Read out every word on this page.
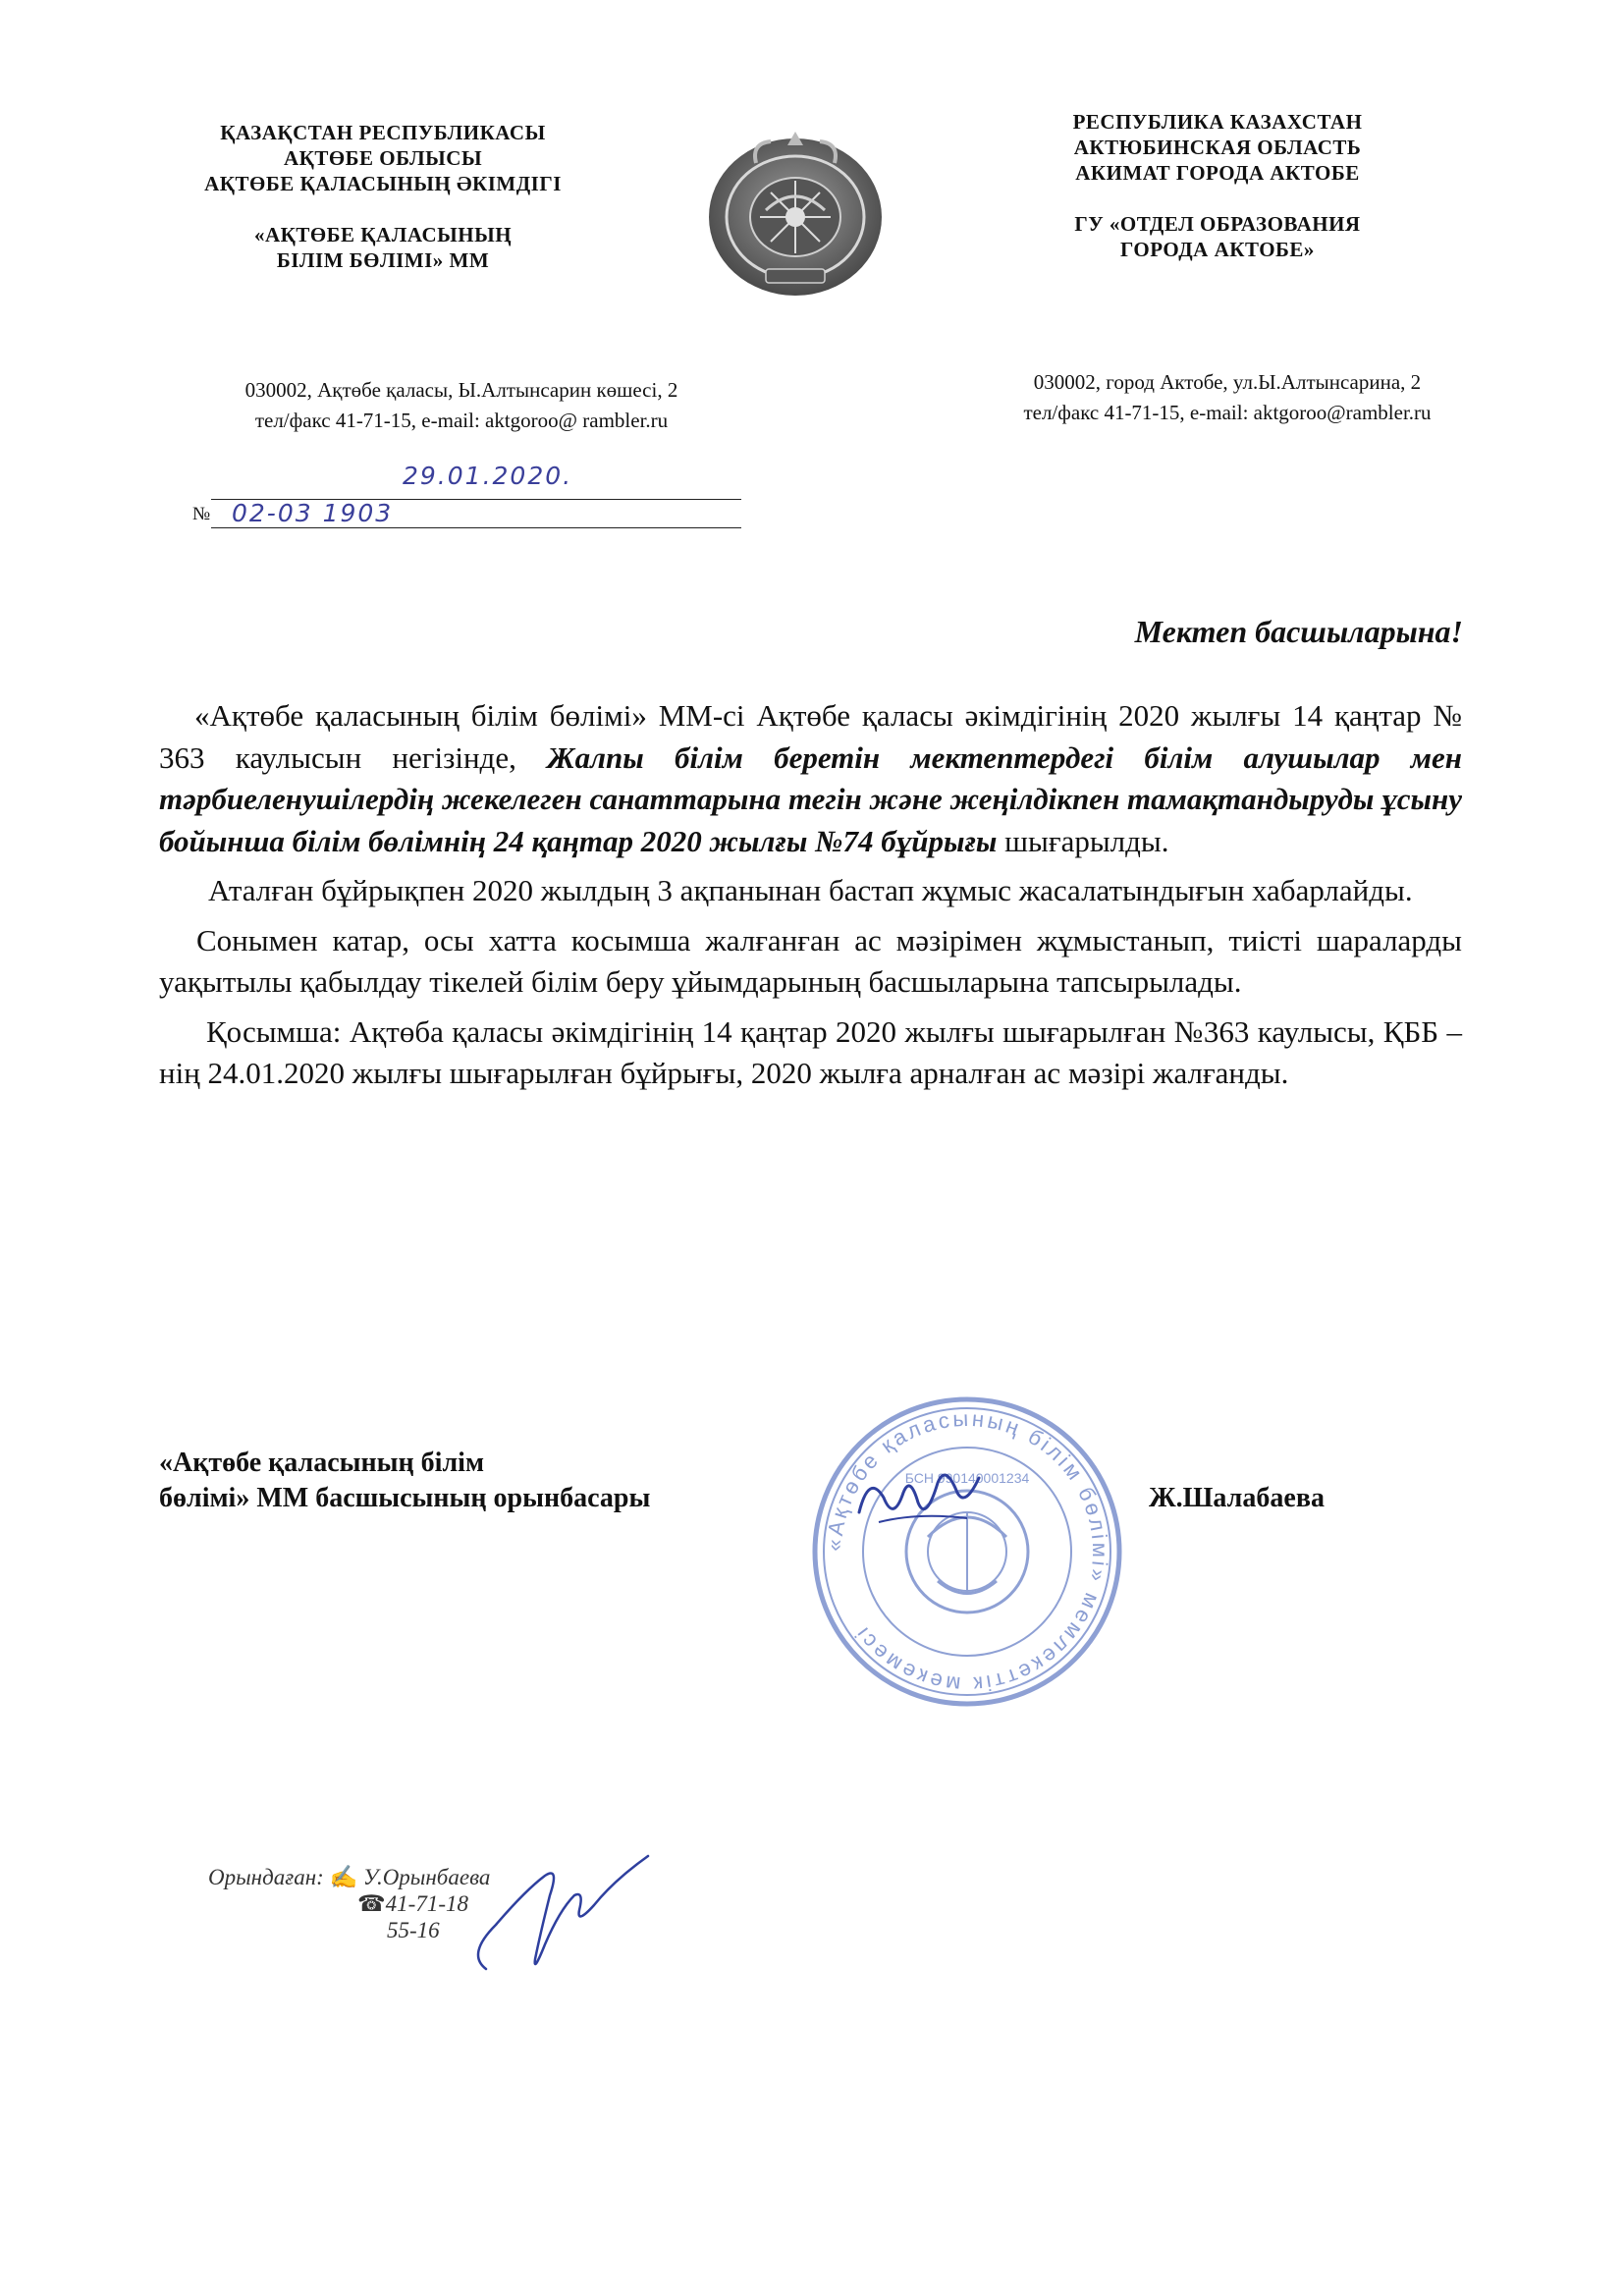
ҚАЗАҚСТАН РЕСПУБЛИКАСЫ
АҚТӨБЕ ОБЛЫСЫ
АҚТӨБЕ ҚАЛАСЫНЫҢ ӘКІМДІГІ
«АҚТӨБЕ ҚАЛАСЫНЫҢ
БІЛІМ БӨЛІМІ» ММ
РЕСПУБЛИКА КАЗАХСТАН
АКТЮБИНСКАЯ ОБЛАСТЬ
АКИМАТ ГОРОДА АКТОБЕ
ГУ «ОТДЕЛ ОБРАЗОВАНИЯ
ГОРОДА АКТОБЕ»
030002, Ақтөбе қаласы, Ы.Алтынсарин көшесі, 2
тел/факс 41-71-15, e-mail: aktgoroo@ rambler.ru
030002, город Актобе, ул.Ы.Алтынсарина, 2
тел/факс 41-71-15, e-mail: aktgoroo@rambler.ru
29.01.2020.
№ 02-03 1903
Мектеп басшыларына!

«Ақтөбе қаласының білім бөлімі» ММ-сі Ақтөбе қаласы әкімдігінің 2020 жылғы 14 қаңтар № 363 каулысын негізінде, Жалпы білім беретін мектептердегі білім алушылар мен тәрбиеленушілердің жекелеген санаттарына тегін және жеңілдікпен тамақтандыруды ұсыну бойынша білім бөлімнің 24 қаңтар 2020 жылғы №74 бұйрығы шығарылды.

Аталған бұйрықпен 2020 жылдың 3 ақпанынан бастап жұмыс жасалатындығын хабарлайды.

Сонымен катар, осы хатта косымша жалғанған ас мәзірімен жұмыстанып, тиісті шараларды уақытылы қабылдау тікелей білім беру ұйымдарының басшыларына тапсырылады.

Қосымша: Ақтөба қаласы әкімдігінің 14 қаңтар 2020 жылғы шығарылған №363 каулысы, ҚББ –нің 24.01.2020 жылғы шығарылған бұйрығы, 2020 жылға арналған ас мәзірі жалғанды.

«Ақтөбе қаласының білім бөлімі» мемлекеттік мекемесі
БСН 990140001234
«Ақтөбе қаласының білім
бөлімі» ММ басшысының орынбасары	Ж.Шалабаева
Орындаған: ✍ У.Орынбаева
☎41-71-18
55-16
